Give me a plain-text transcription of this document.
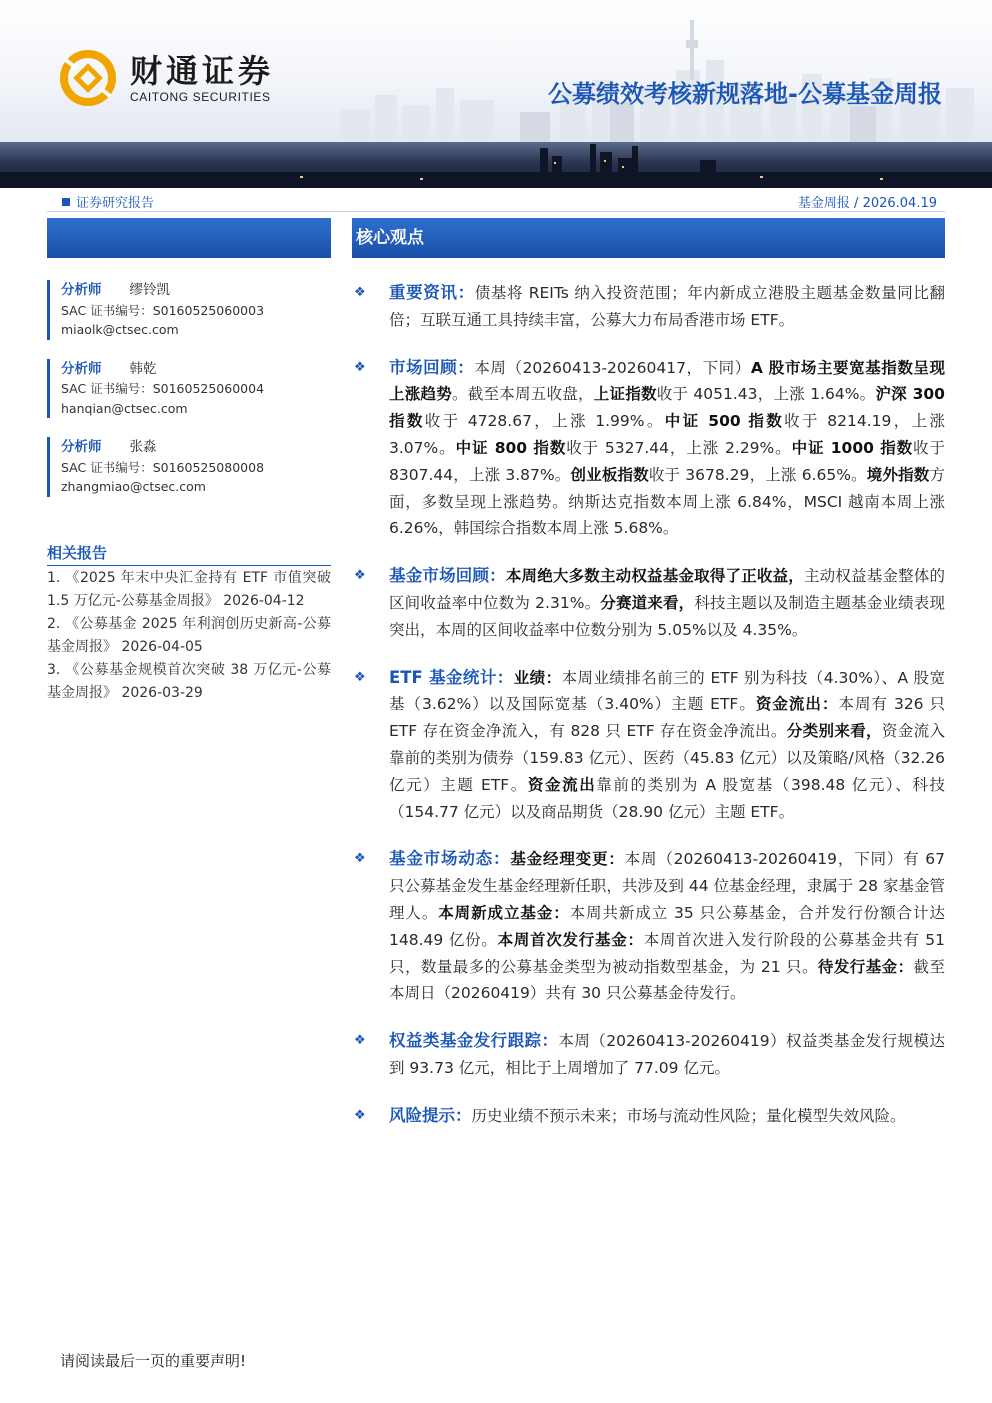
财通证券
CAITONG SECURITIES	公募绩效考核新规落地-公募基金周报
证券研究报告	基金周报 / 2026.04.19
核心观点
分析师 缪铃凯
SAC 证书编号：S0160525060003
miaolk@ctsec.com
分析师 韩乾
SAC 证书编号：S0160525060004
hanqian@ctsec.com
分析师 张淼
SAC 证书编号：S0160525080008
zhangmiao@ctsec.com
相关报告
1. 《2025 年末中央汇金持有 ETF 市值突破 1.5 万亿元-公募基金周报》 2026-04-12
2. 《公募基金 2025 年利润创历史新高-公募基金周报》 2026-04-05
3. 《公募基金规模首次突破 38 万亿元-公募基金周报》 2026-03-29
❖	重要资讯：债基将 REITs 纳入投资范围；年内新成立港股主题基金数量同比翻倍；互联互通工具持续丰富，公募大力布局香港市场 ETF。
❖	市场回顾：本周（20260413-20260417，下同）A 股市场主要宽基指数呈现上涨趋势。截至本周五收盘，上证指数收于 4051.43，上涨 1.64%。沪深 300 指数收于 4728.67，上涨 1.99%。中证 500 指数收于 8214.19，上涨 3.07%。中证 800 指数收于 5327.44，上涨 2.29%。中证 1000 指数收于 8307.44，上涨 3.87%。创业板指数收于 3678.29，上涨 6.65%。境外指数方面，多数呈现上涨趋势。纳斯达克指数本周上涨 6.84%，MSCI 越南本周上涨 6.26%，韩国综合指数本周上涨 5.68%。
❖	基金市场回顾：本周绝大多数主动权益基金取得了正收益，主动权益基金整体的区间收益率中位数为 2.31%。分赛道来看，科技主题以及制造主题基金业绩表现突出，本周的区间收益率中位数分别为 5.05%以及 4.35%。
❖	ETF 基金统计：业绩：本周业绩排名前三的 ETF 别为科技（4.30%）、A 股宽基（3.62%）以及国际宽基（3.40%）主题 ETF。资金流出：本周有 326 只 ETF 存在资金净流入，有 828 只 ETF 存在资金净流出。分类别来看，资金流入靠前的类别为债券（159.83 亿元）、医药（45.83 亿元）以及策略/风格（32.26 亿元）主题 ETF。资金流出靠前的类别为 A 股宽基（398.48 亿元）、科技（154.77 亿元）以及商品期货（28.90 亿元）主题 ETF。
❖	基金市场动态：基金经理变更：本周（20260413-20260419，下同）有 67 只公募基金发生基金经理新任职，共涉及到 44 位基金经理，隶属于 28 家基金管理人。本周新成立基金：本周共新成立 35 只公募基金，合并发行份额合计达 148.49 亿份。本周首次发行基金：本周首次进入发行阶段的公募基金共有 51 只，数量最多的公募基金类型为被动指数型基金，为 21 只。待发行基金：截至本周日（20260419）共有 30 只公募基金待发行。
❖	权益类基金发行跟踪：本周（20260413-20260419）权益类基金发行规模达到 93.73 亿元，相比于上周增加了 77.09 亿元。
❖	风险提示：历史业绩不预示未来；市场与流动性风险；量化模型失效风险。
请阅读最后一页的重要声明!
